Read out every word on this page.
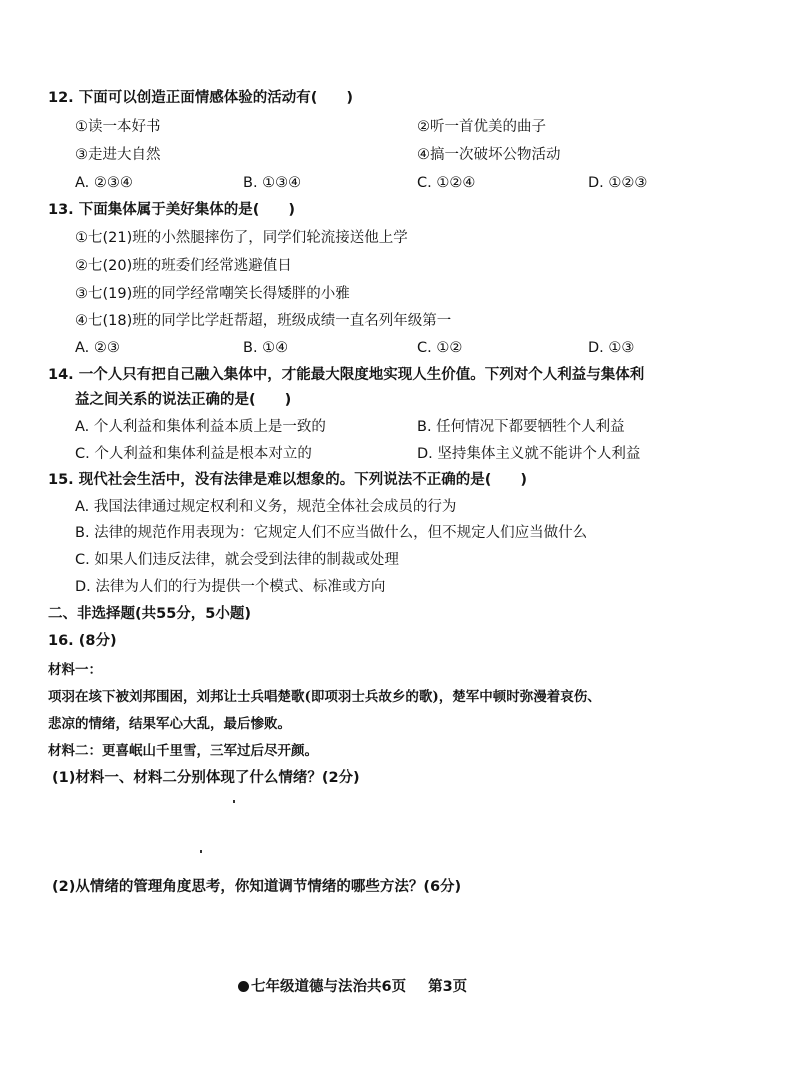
12. 下面可以创造正面情感体验的活动有(　　)
①读一本好书	②听一首优美的曲子
③走进大自然	④搞一次破坏公物活动
A. ②③④	B. ①③④	C. ①②④	D. ①②③
13. 下面集体属于美好集体的是(　　)
①七(21)班的小然腿摔伤了，同学们轮流接送他上学
②七(20)班的班委们经常逃避值日
③七(19)班的同学经常嘲笑长得矮胖的小雅
④七(18)班的同学比学赶帮超，班级成绩一直名列年级第一
A. ②③	B. ①④	C. ①②	D. ①③
14. 一个人只有把自己融入集体中，才能最大限度地实现人生价值。下列对个人利益与集体利
益之间关系的说法正确的是(　　)
A. 个人利益和集体利益本质上是一致的	B. 任何情况下都要牺牲个人利益
C. 个人利益和集体利益是根本对立的	D. 坚持集体主义就不能讲个人利益
15. 现代社会生活中，没有法律是难以想象的。下列说法不正确的是(　　)
A. 我国法律通过规定权利和义务，规范全体社会成员的行为
B. 法律的规范作用表现为：它规定人们不应当做什么，但不规定人们应当做什么
C. 如果人们违反法律，就会受到法律的制裁或处理
D. 法律为人们的行为提供一个模式、标准或方向
二、非选择题(共55分，5小题)
16. (8分)
材料一：
项羽在垓下被刘邦围困，刘邦让士兵唱楚歌(即项羽士兵故乡的歌)，楚军中顿时弥漫着哀伤、
悲凉的情绪，结果军心大乱，最后惨败。
材料二：更喜岷山千里雪，三军过后尽开颜。
(1)材料一、材料二分别体现了什么情绪？(2分)
(2)从情绪的管理角度思考，你知道调节情绪的哪些方法？(6分)
七年级道德与法治共6页 第3页
